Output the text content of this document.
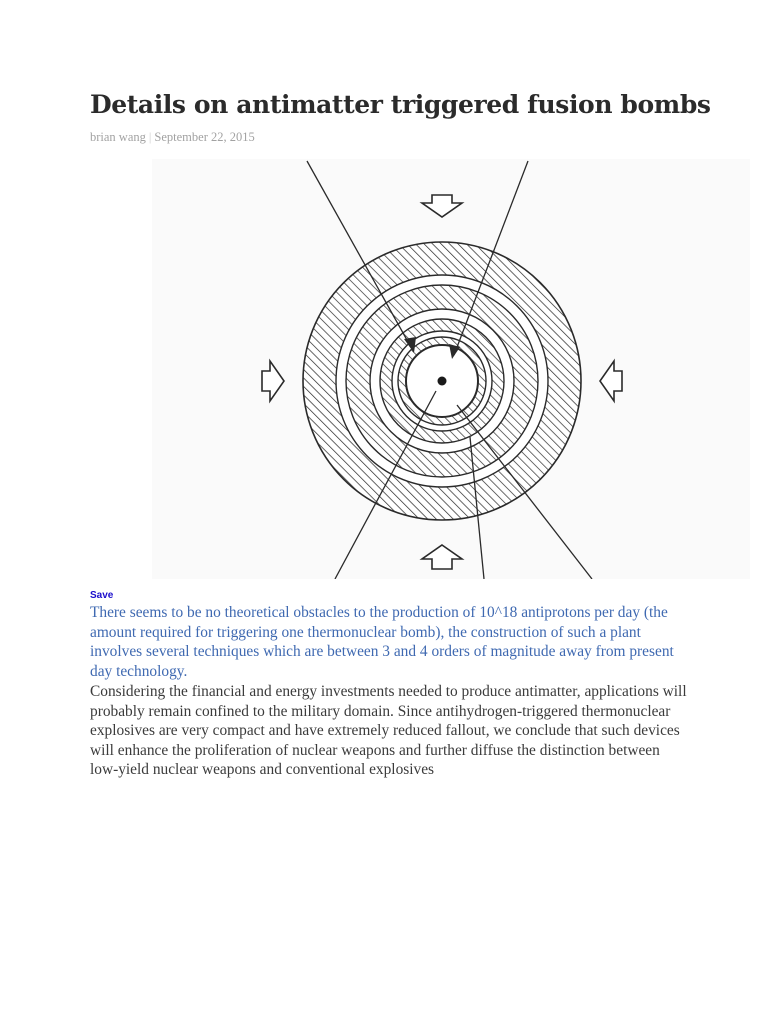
Details on antimatter triggered fusion bombs
brian wang | September 22, 2015
Save

There seems to be no theoretical obstacles to the production of 10^18 antiprotons per day (the amount required for triggering one thermonuclear bomb), the construction of such a plant involves several techniques which are between 3 and 4 orders of magnitude away from present day technology.

Considering the financial and energy investments needed to produce antimatter, applications will probably remain confined to the military domain. Since antihydrogen-triggered thermonuclear explosives are very compact and have extremely reduced fallout, we conclude that such devices will enhance the proliferation of nuclear weapons and further diffuse the distinction between low-yield nuclear weapons and conventional explosives
